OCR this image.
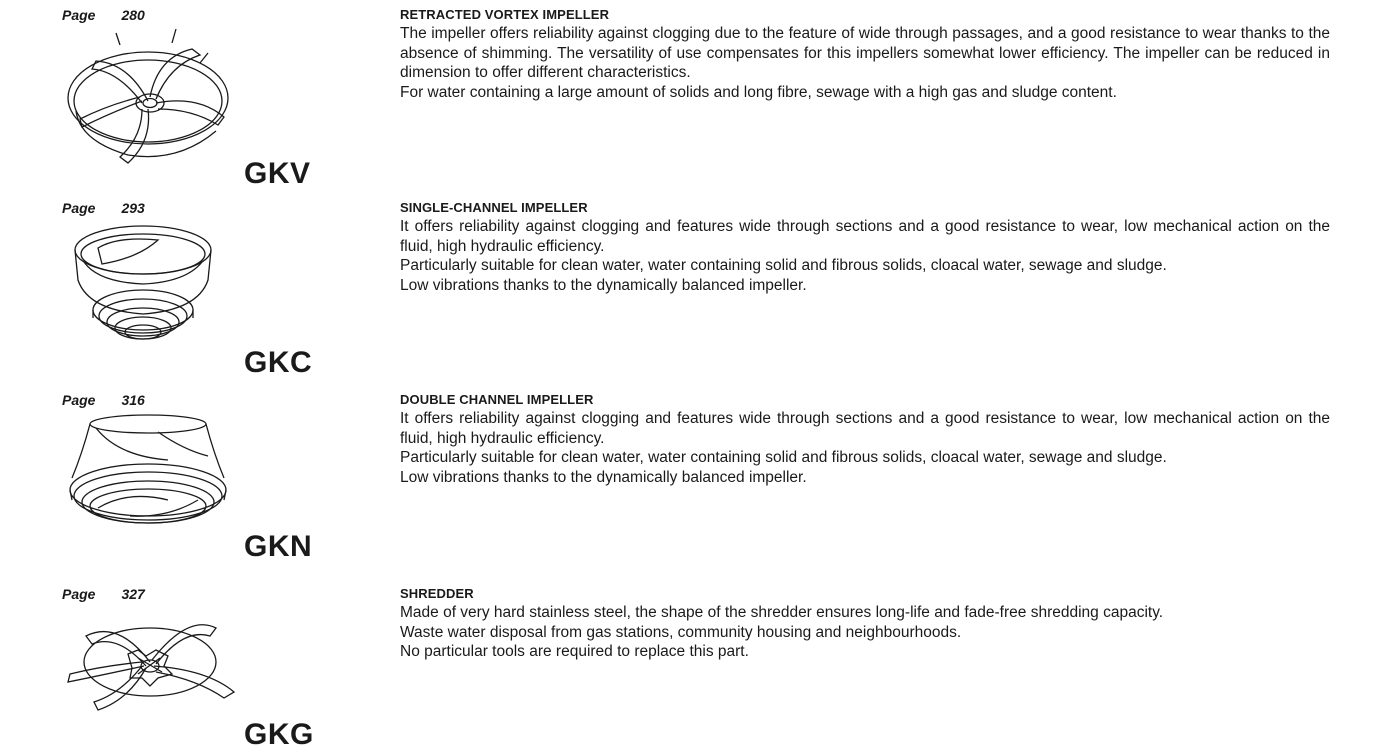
Page 280
GKV
RETRACTED VORTEX IMPELLER

The impeller offers reliability against clogging due to the feature of wide through passages, and a good resistance to wear thanks to the absence of shimming. The versatility of use compensates for this impellers somewhat lower efficiency. The impeller can be reduced in dimension to offer different characteristics.

For water containing a large amount of solids and long fibre, sewage with a high gas and sludge content.

Page 293
GKC
SINGLE-CHANNEL IMPELLER

It offers reliability against clogging and features wide through sections and a good resistance to wear, low mechanical action on the fluid, high hydraulic efficiency.

Particularly suitable for clean water, water containing solid and fibrous solids, cloacal water, sewage and sludge.

Low vibrations thanks to the dynamically balanced impeller.

Page 316
GKN
DOUBLE CHANNEL IMPELLER

It offers reliability against clogging and features wide through sections and a good resistance to wear, low mechanical action on the fluid, high hydraulic efficiency.

Particularly suitable for clean water, water containing solid and fibrous solids, cloacal water, sewage and sludge.

Low vibrations thanks to the dynamically balanced impeller.

Page 327
GKG
SHREDDER

Made of very hard stainless steel, the shape of the shredder ensures long-life and fade-free shredding capacity.

Waste water disposal from gas stations, community housing and neighbourhoods.

No particular tools are required to replace this part.
